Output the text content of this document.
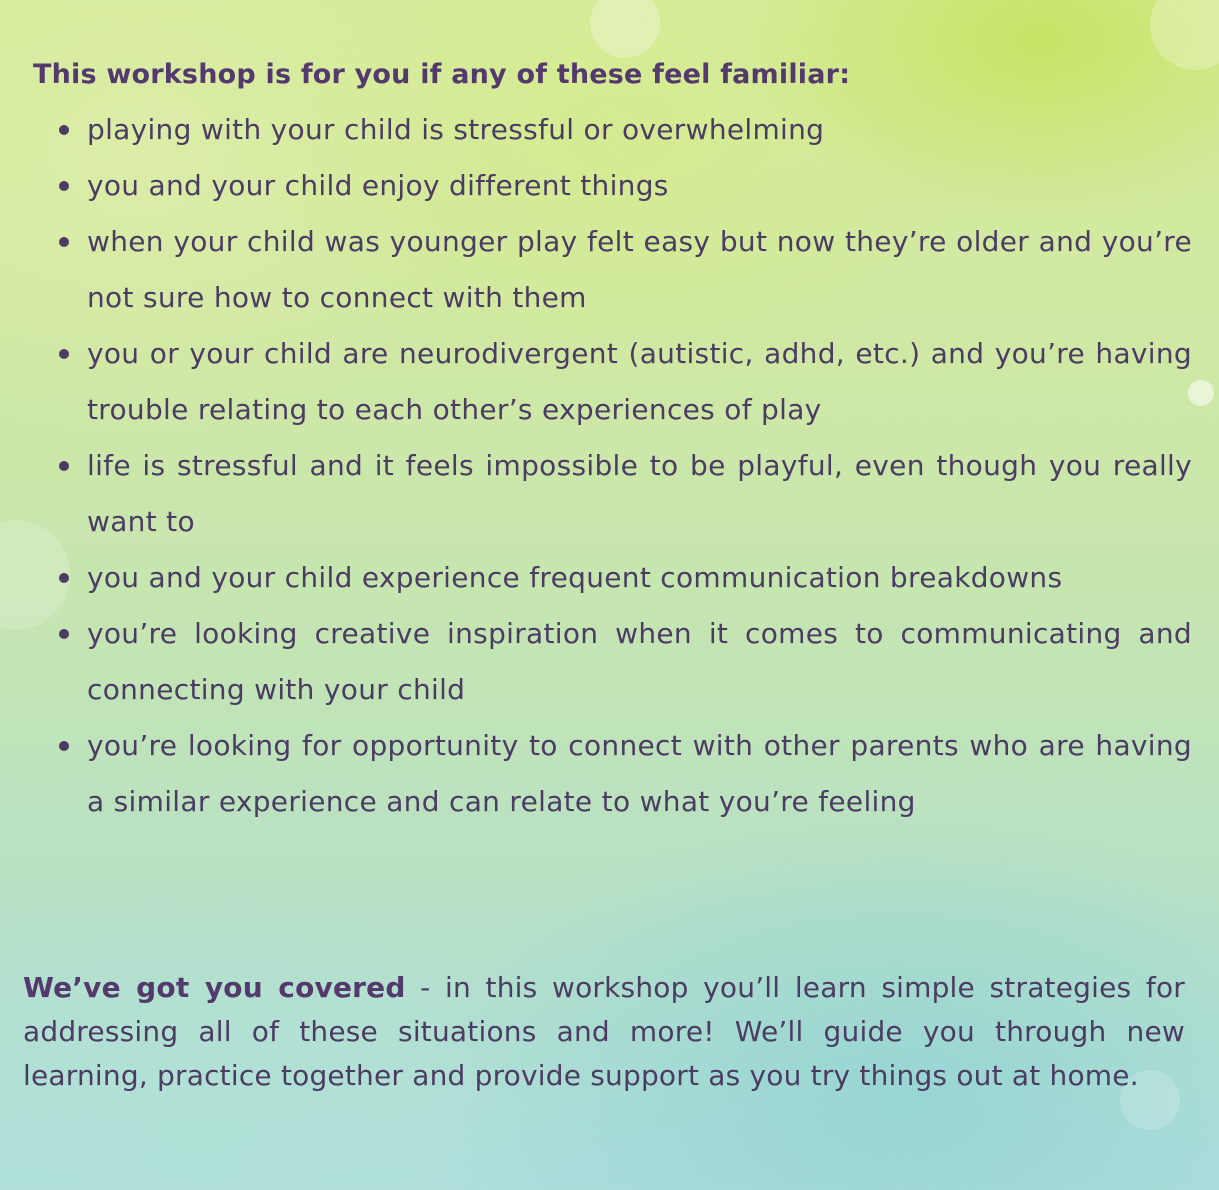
This workshop is for you if any of these feel familiar:

playing with your child is stressful or overwhelming
you and your child enjoy different things
when your child was younger play felt easy but now they’re older and you’re not sure how to connect with them
you or your child are neurodivergent (autistic, adhd, etc.) and you’re having trouble relating to each other’s experiences of play
life is stressful and it feels impossible to be playful, even though you really want to
you and your child experience frequent communication breakdowns
you’re looking creative inspiration when it comes to communicating and connecting with your child
you’re looking for opportunity to connect with other parents who are having a similar experience and can relate to what you’re feeling

We’ve got you covered - in this workshop you’ll learn simple strategies for addressing all of these situations and more! We’ll guide you through new learning, practice together and provide support as you try things out at home.
